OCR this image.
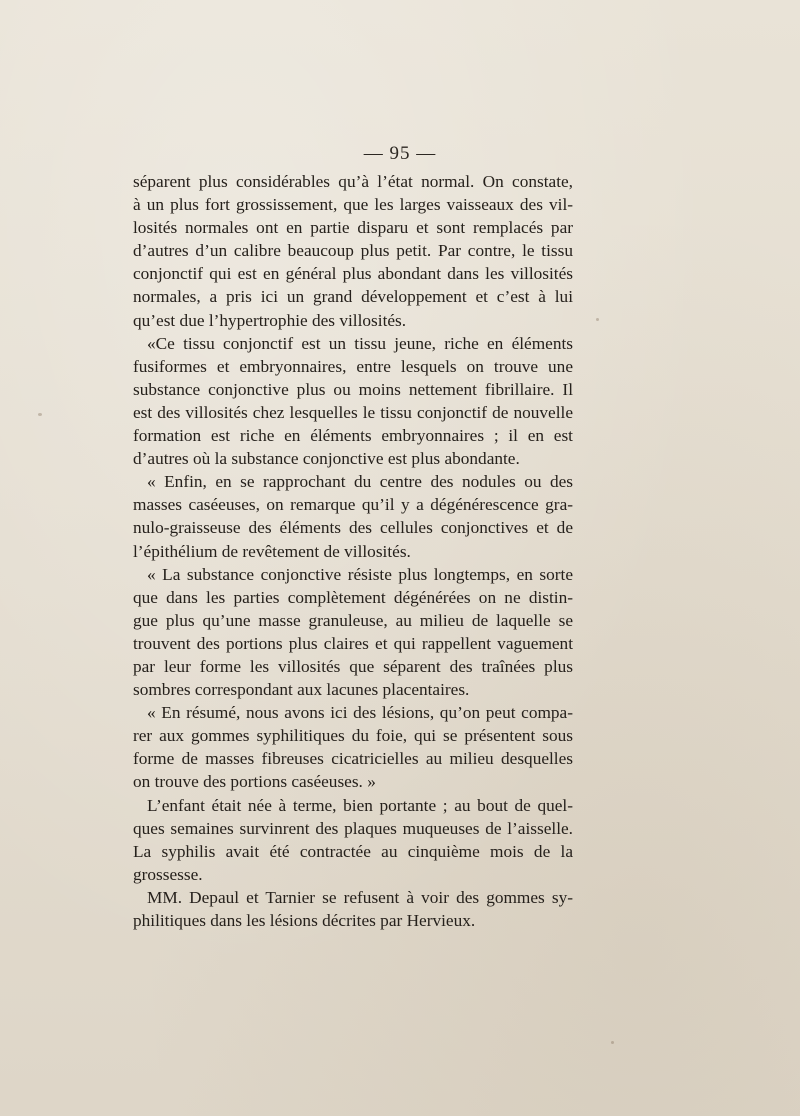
— 95 —
séparent plus considérables qu’à l’état normal. On constate,
à un plus fort grossissement, que les larges vaisseaux des vil-
losités normales ont en partie disparu et sont remplacés par
d’autres d’un calibre beaucoup plus petit. Par contre, le tissu
conjonctif qui est en général plus abondant dans les villosités
normales, a pris ici un grand développement et c’est à lui
qu’est due l’hypertrophie des villosités.
«Ce tissu conjonctif est un tissu jeune, riche en éléments
fusiformes et embryonnaires, entre lesquels on trouve une
substance conjonctive plus ou moins nettement fibrillaire. Il
est des villosités chez lesquelles le tissu conjonctif de nouvelle
formation est riche en éléments embryonnaires ; il en est
d’autres où la substance conjonctive est plus abondante.
« Enfin, en se rapprochant du centre des nodules ou des
masses caséeuses, on remarque qu’il y a dégénérescence gra-
nulo-graisseuse des éléments des cellules conjonctives et de
l’épithélium de revêtement de villosités.
« La substance conjonctive résiste plus longtemps, en sorte
que dans les parties complètement dégénérées on ne distin-
gue plus qu’une masse granuleuse, au milieu de laquelle se
trouvent des portions plus claires et qui rappellent vaguement
par leur forme les villosités que séparent des traînées plus
sombres correspondant aux lacunes placentaires.
« En résumé, nous avons ici des lésions, qu’on peut compa-
rer aux gommes syphilitiques du foie, qui se présentent sous
forme de masses fibreuses cicatricielles au milieu desquelles
on trouve des portions caséeuses. »
L’enfant était née à terme, bien portante ; au bout de quel-
ques semaines survinrent des plaques muqueuses de l’aisselle.
La syphilis avait été contractée au cinquième mois de la
grossesse.
MM. Depaul et Tarnier se refusent à voir des gommes sy-
philitiques dans les lésions décrites par Hervieux.
